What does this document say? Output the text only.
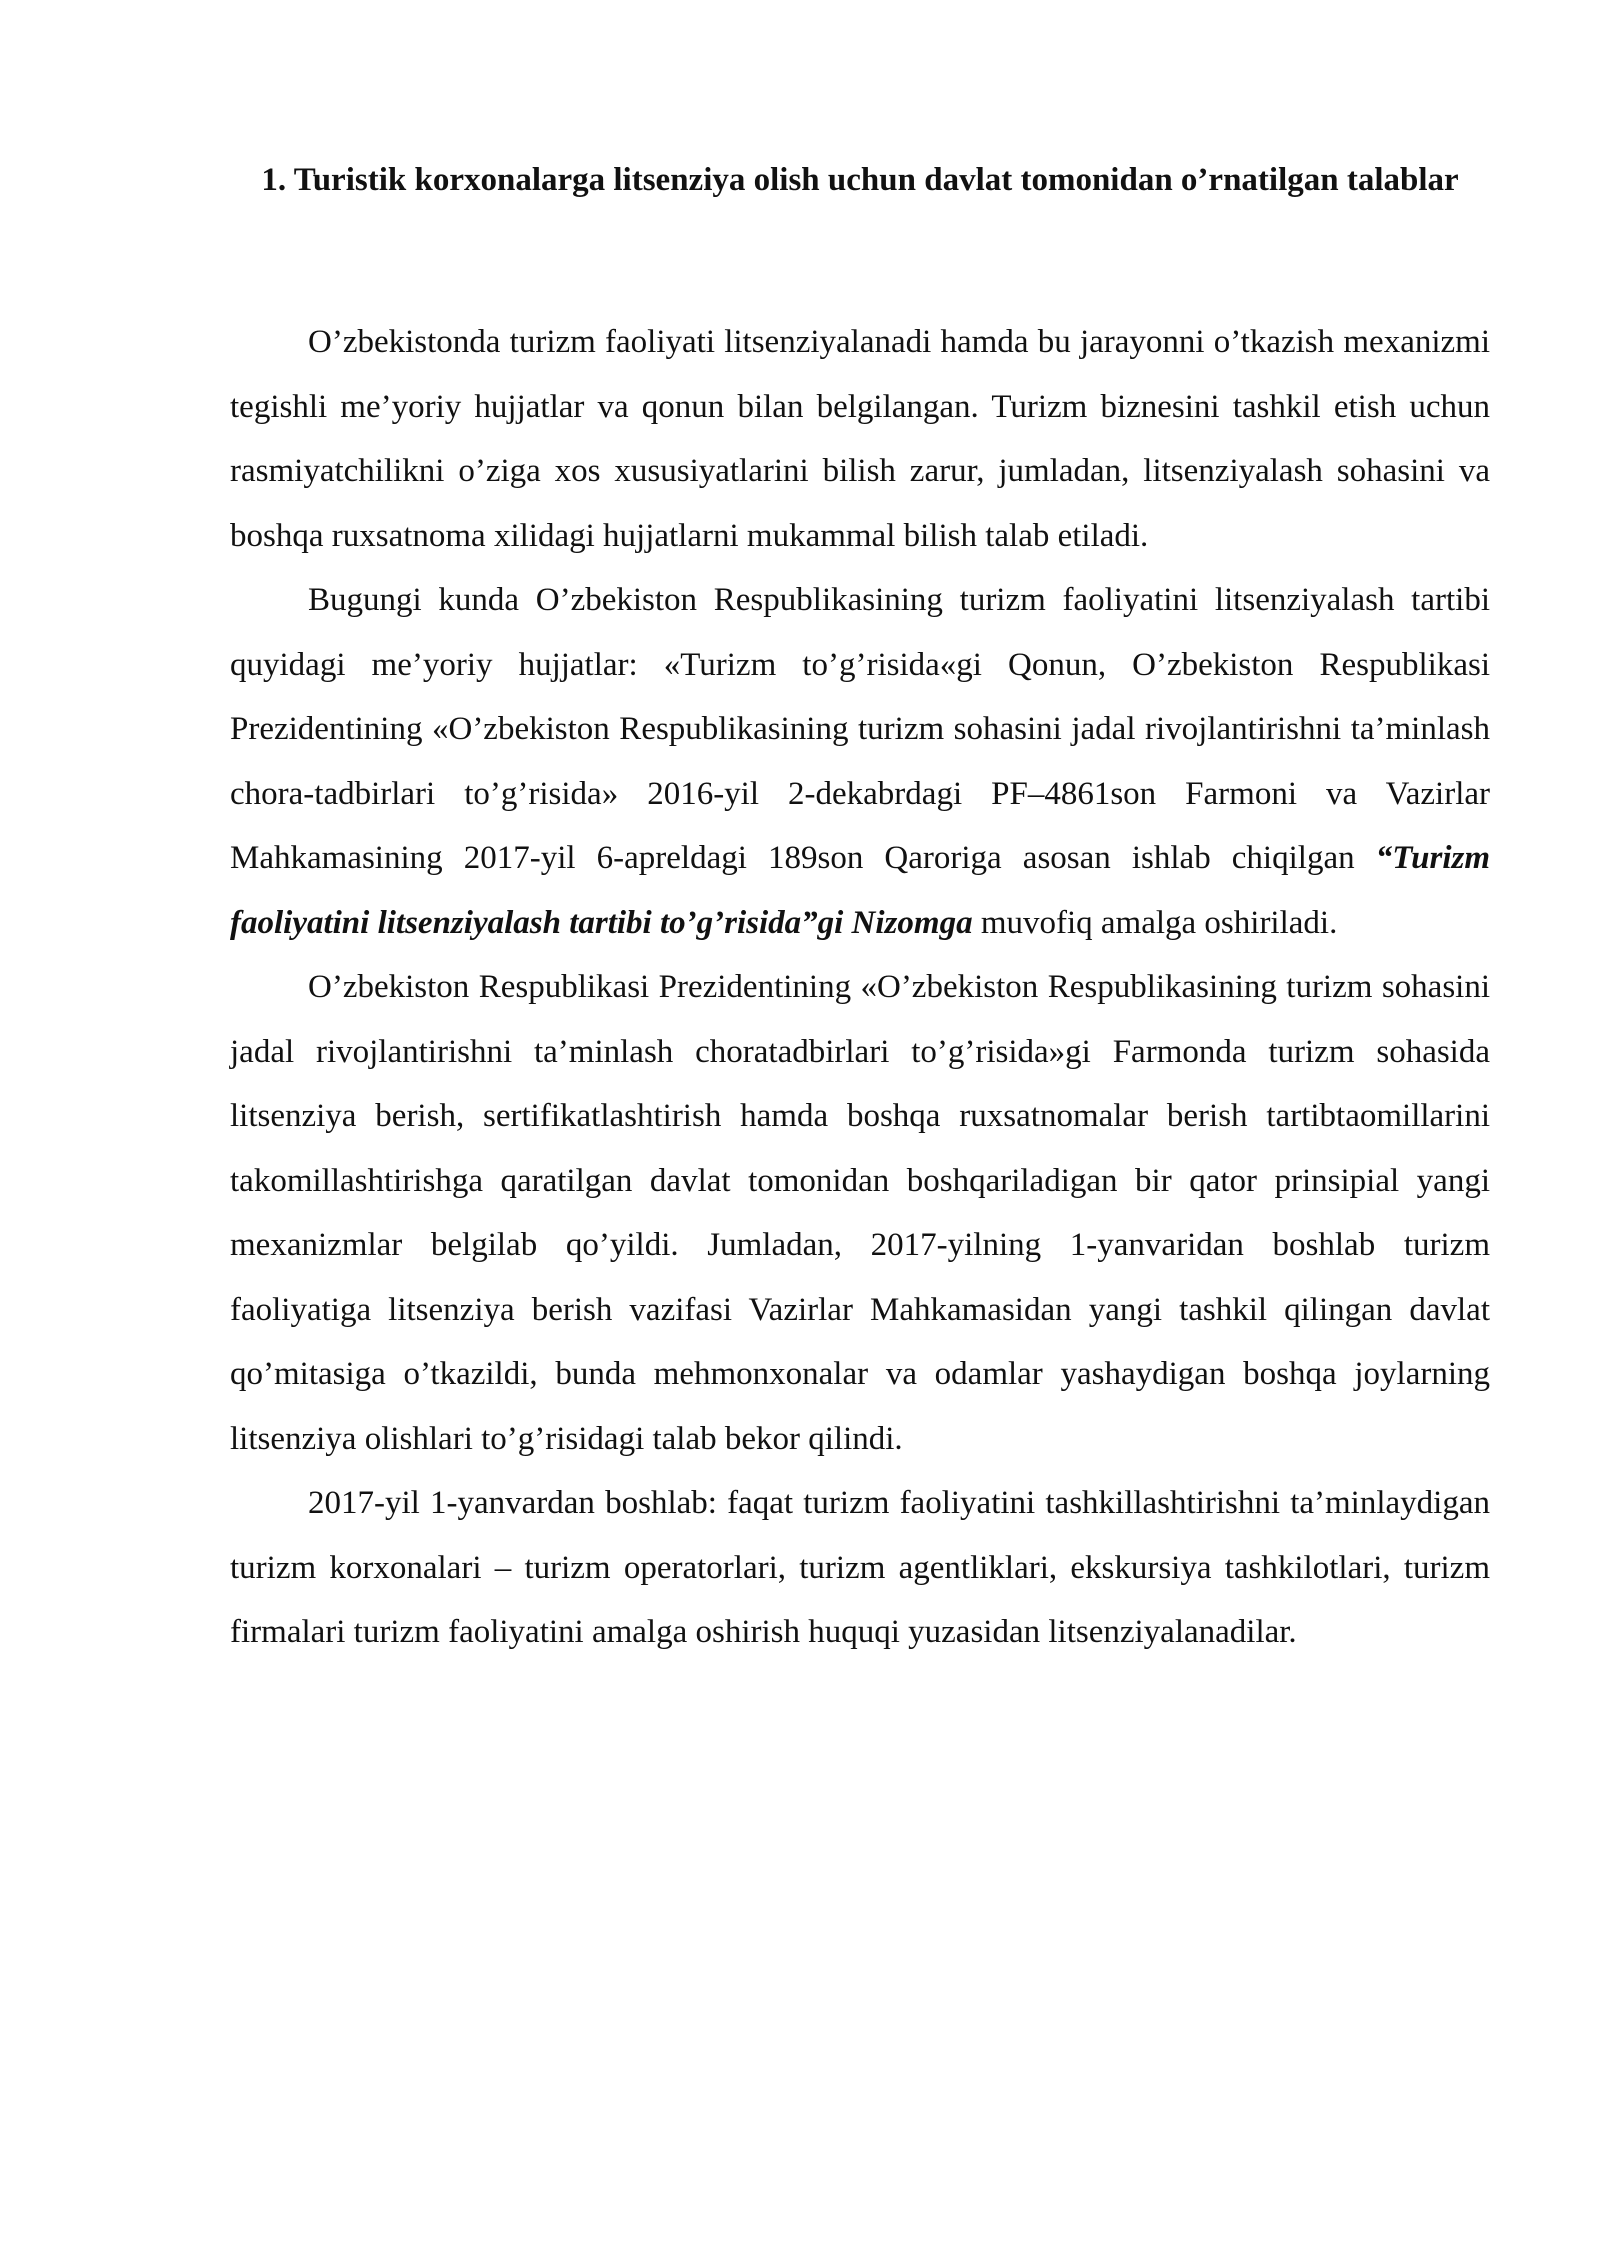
1. Turistik korxonalarga litsenziya olish uchun davlat tomonidan o’rnatilgan talablar

O’zbekistonda turizm faoliyati litsenziyalanadi hamda bu jarayonni o’tkazish mexanizmi tegishli me’yoriy hujjatlar va qonun bilan belgilangan. Turizm biznesini tashkil etish uchun rasmiyatchilikni o’ziga xos xususiyatlarini bilish zarur, jumladan, litsenziyalash sohasini va boshqa ruxsatnoma xilidagi hujjatlarni mukammal bilish talab etiladi.

Bugungi kunda O’zbekiston Respublikasining turizm faoliyatini litsenziyalash tartibi quyidagi me’yoriy hujjatlar: «Turizm to’g’risida«gi Qonun, O’zbekiston Respublikasi Prezidentining «O’zbekiston Respublikasining turizm sohasini jadal rivojlantirishni ta’minlash chora-tadbirlari to’g’risida» 2016-yil 2-dekabrdagi PF–4861son Farmoni va Vazirlar Mahkamasining 2017-yil 6-apreldagi 189son Qaroriga asosan ishlab chiqilgan “Turizm faoliyatini litsenziyalash tartibi to’g’risida”gi Nizomga muvofiq amalga oshiriladi.

O’zbekiston Respublikasi Prezidentining «O’zbekiston Respublikasining turizm sohasini jadal rivojlantirishni ta’minlash choratadbirlari to’g’risida»gi Farmonda turizm sohasida litsenziya berish, sertifikatlashtirish hamda boshqa ruxsatnomalar berish tartibtaomillarini takomillashtirishga qaratilgan davlat tomonidan boshqariladigan bir qator prinsipial yangi mexanizmlar belgilab qo’yildi. Jumladan, 2017-yilning 1-yanvaridan boshlab turizm faoliyatiga litsenziya berish vazifasi Vazirlar Mahkamasidan yangi tashkil qilingan davlat qo’mitasiga o’tkazildi, bunda mehmonxonalar va odamlar yashaydigan boshqa joylarning litsenziya olishlari to’g’risidagi talab bekor qilindi.

2017-yil 1-yanvardan boshlab: faqat turizm faoliyatini tashkillashtirishni ta’minlaydigan turizm korxonalari – turizm operatorlari, turizm agentliklari, ekskursiya tashkilotlari, turizm firmalari turizm faoliyatini amalga oshirish huquqi yuzasidan litsenziyalanadilar.
